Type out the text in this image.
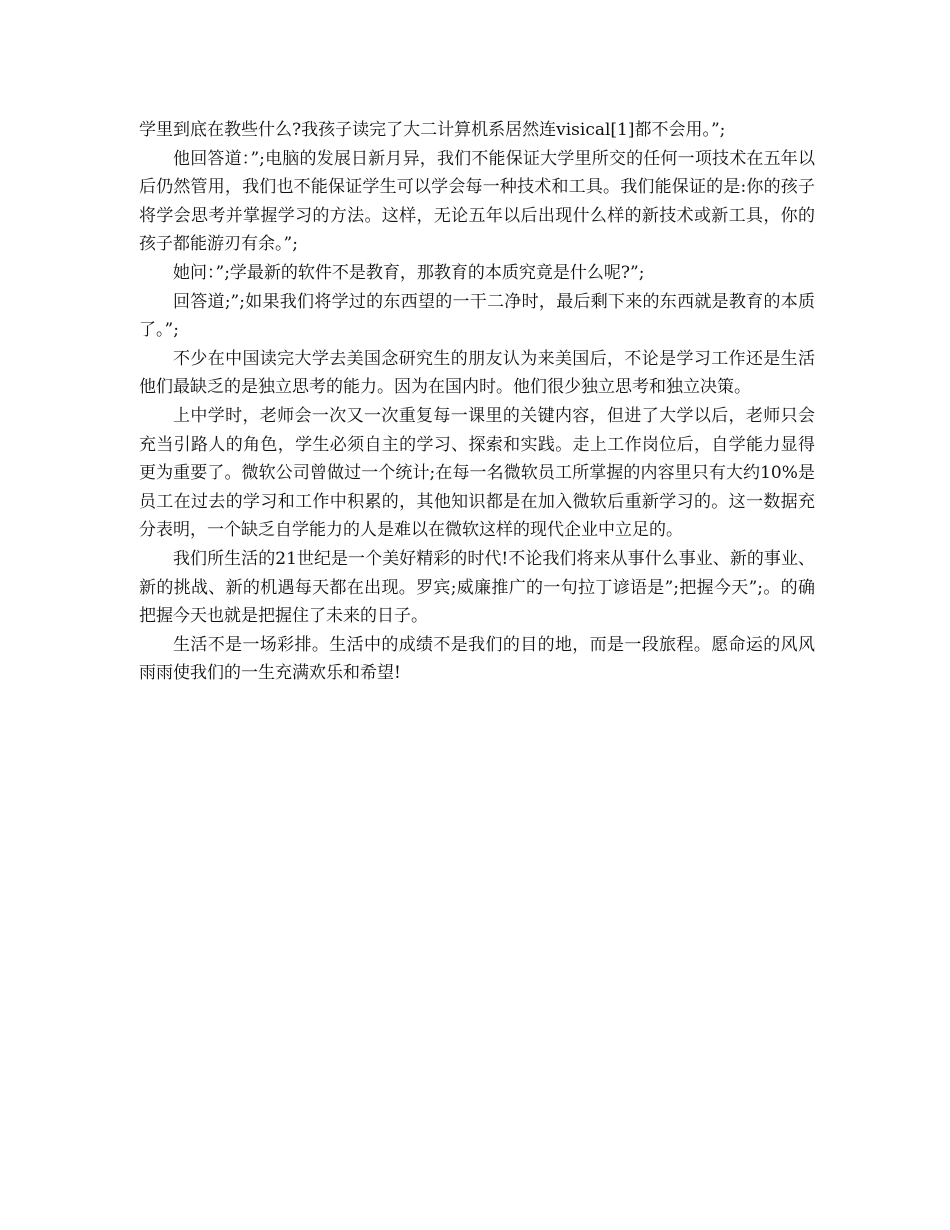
学里到底在教些什么?我孩子读完了大二计算机系居然连visical[1]都不会用。”;

他回答道：”;电脑的发展日新月异，我们不能保证大学里所交的任何一项技术在五年以后仍然管用，我们也不能保证学生可以学会每一种技术和工具。我们能保证的是:你的孩子将学会思考并掌握学习的方法。这样，无论五年以后出现什么样的新技术或新工具，你的孩子都能游刃有余。”;

她问：”;学最新的软件不是教育，那教育的本质究竟是什么呢?”;

回答道;”;如果我们将学过的东西望的一干二净时，最后剩下来的东西就是教育的本质了。”;

不少在中国读完大学去美国念研究生的朋友认为来美国后，不论是学习工作还是生活他们最缺乏的是独立思考的能力。因为在国内时。他们很少独立思考和独立决策。

上中学时，老师会一次又一次重复每一课里的关键内容，但进了大学以后，老师只会充当引路人的角色，学生必须自主的学习、探索和实践。走上工作岗位后，自学能力显得更为重要了。微软公司曾做过一个统计;在每一名微软员工所掌握的内容里只有大约10%是员工在过去的学习和工作中积累的，其他知识都是在加入微软后重新学习的。这一数据充分表明，一个缺乏自学能力的人是难以在微软这样的现代企业中立足的。

我们所生活的21世纪是一个美好精彩的时代!不论我们将来从事什么事业、新的事业、新的挑战、新的机遇每天都在出现。罗宾;威廉推广的一句拉丁谚语是”;把握今天”;。的确把握今天也就是把握住了未来的日子。

生活不是一场彩排。生活中的成绩不是我们的目的地，而是一段旅程。愿命运的风风雨雨使我们的一生充满欢乐和希望!
